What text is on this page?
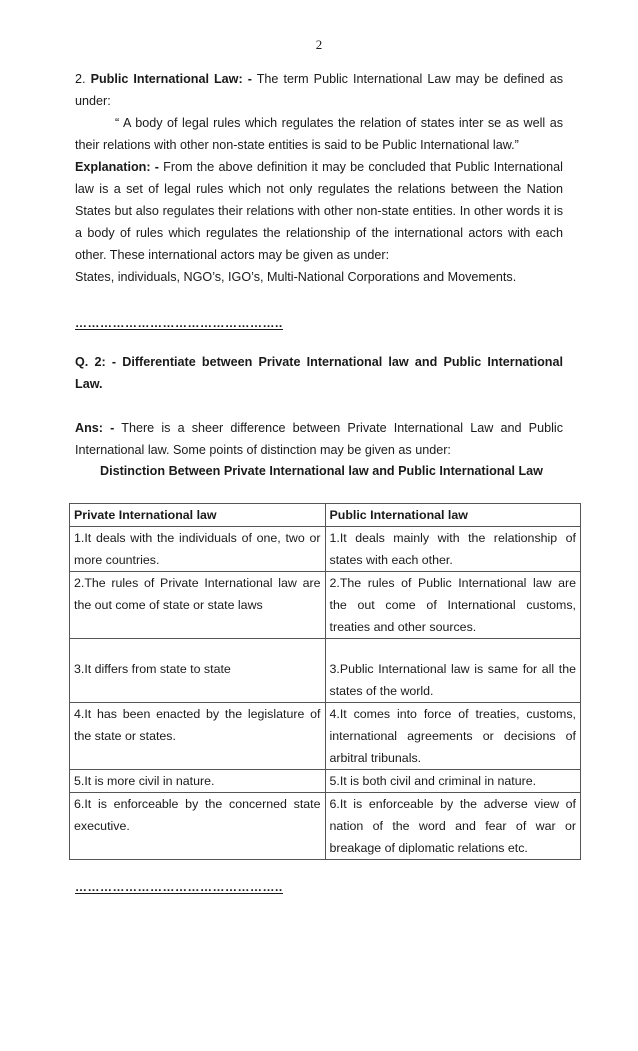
2
2. Public International Law: - The term Public International Law may be defined as under:
“ A body of legal rules which regulates the relation of states inter se as well as their relations with other non-state entities is said to be Public International law.”
Explanation: - From the above definition it may be concluded that Public International law is a set of legal rules which not only regulates the relations between the Nation States but also regulates their relations with other non-state entities. In other words it is a body of rules which regulates the relationship of the international actors with each other. These international actors may be given as under:
States, individuals, NGO’s, IGO’s, Multi-National Corporations and Movements.
…………………………………………..
Q. 2: - Differentiate between Private International law and Public International Law.
Ans: - There is a sheer difference between Private International Law and Public International law. Some points of distinction may be given as under:
Distinction Between Private International law and Public International Law
Private International law	Public International law
1.It deals with the individuals of one, two or more countries.	1.It deals mainly with the relationship of states with each other.
2.The rules of Private International law are the out come of state or state laws	2.The rules of Public International law are the out come of International customs, treaties and other sources.
3.It differs from state to state	3.Public International law is same for all the states of the world.
4.It has been enacted by the legislature of the state or states.	4.It comes into force of treaties, customs, international agreements or decisions of arbitral tribunals.
5.It is more civil in nature.	5.It is both civil and criminal in nature.
6.It is enforceable by the concerned state executive.	6.It is enforceable by the adverse view of nation of the word and fear of war or breakage of diplomatic relations etc.
…………………………………………..
